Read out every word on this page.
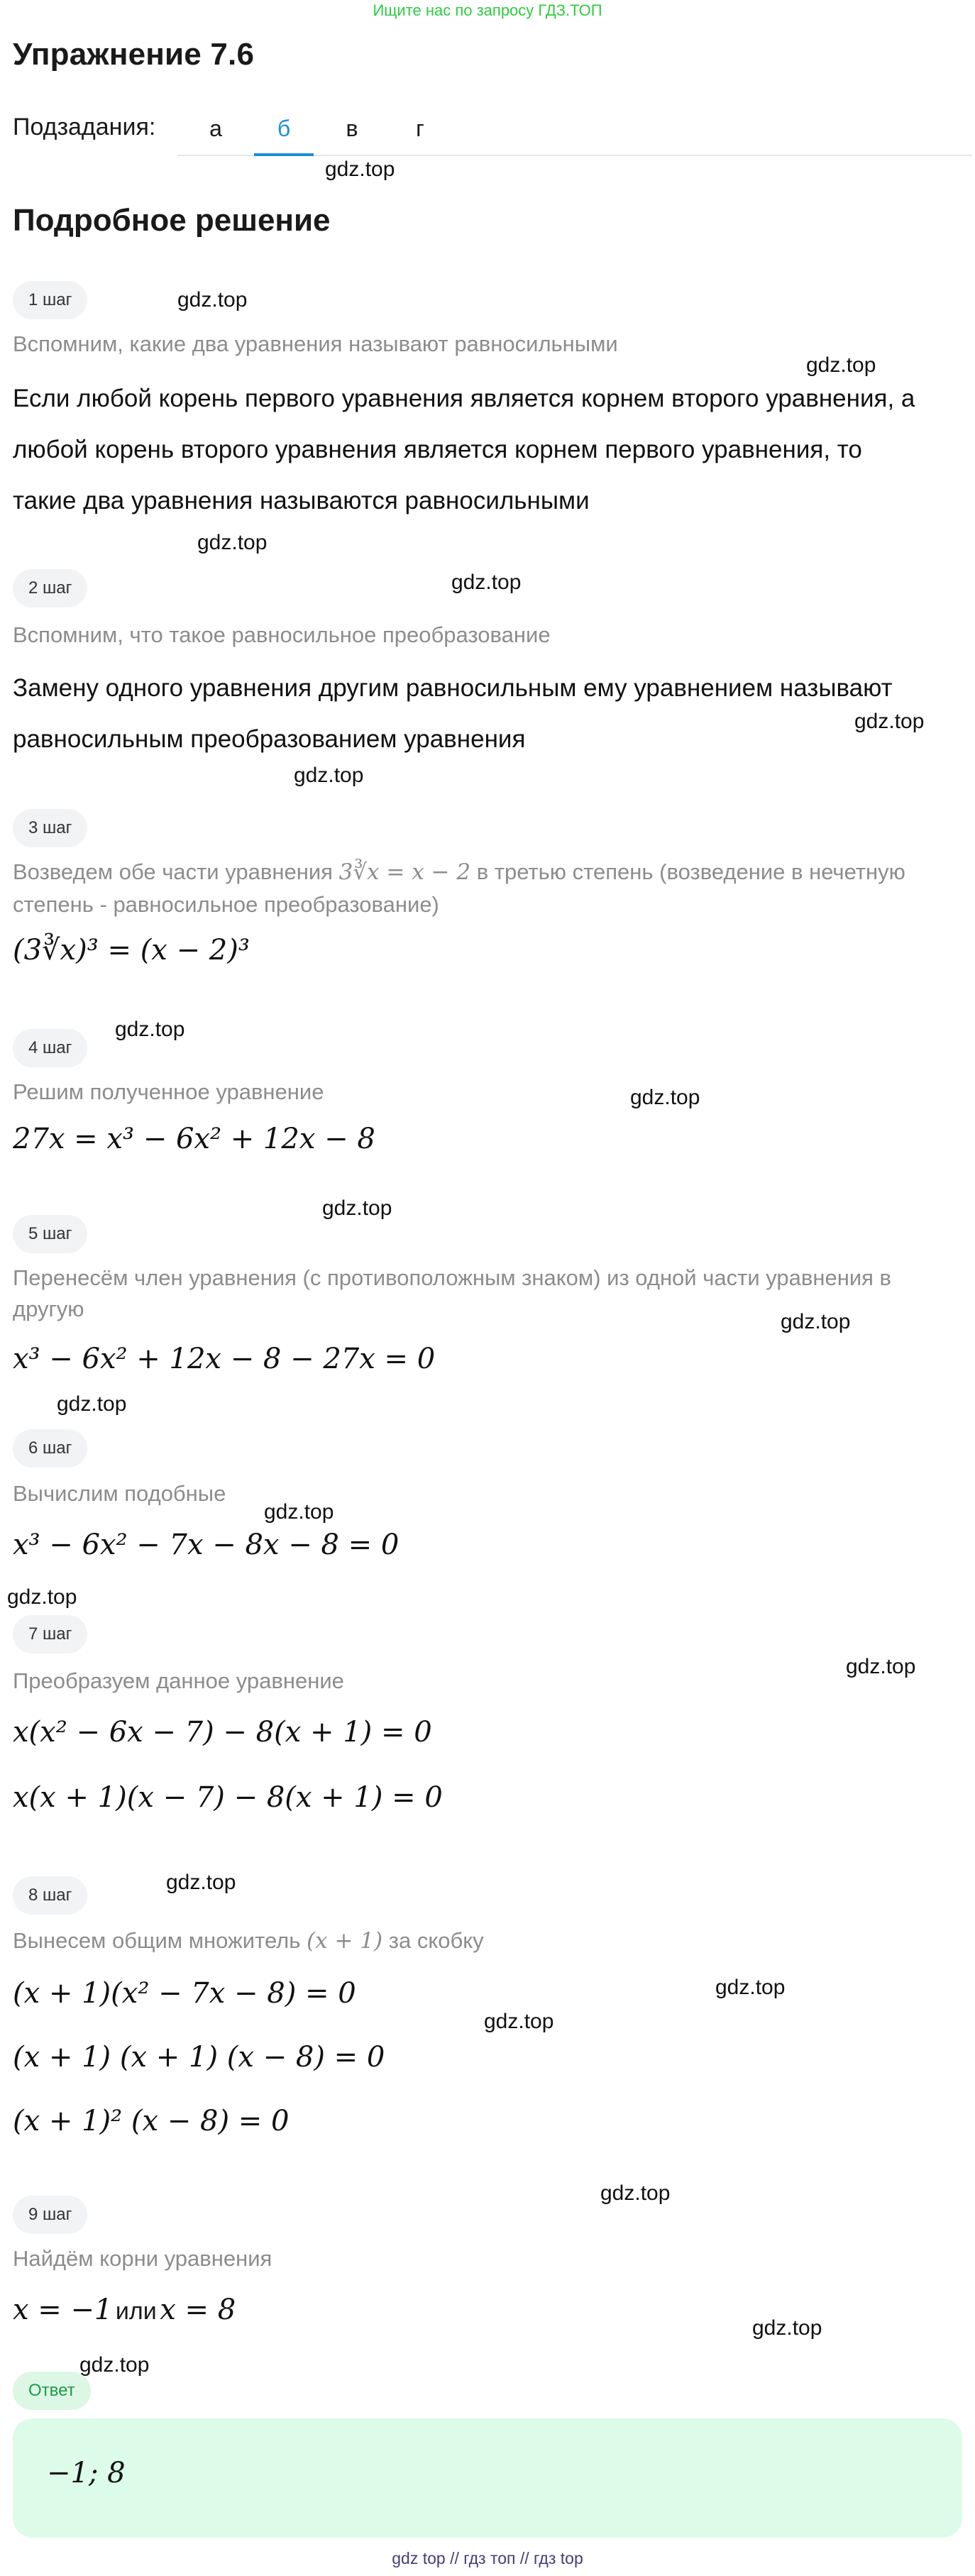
Ищите нас по запросу ГДЗ.ТОП
Упражнение 7.6
Подзадания:	а	б	в	г
gdz.top
Подробное решение
1 шаг	gdz.top
Вспомним, какие два уравнения называют равносильными
gdz.top
Если любой корень первого уравнения является корнем второго уравнения, а
любой корень второго уравнения является корнем первого уравнения, то
такие два уравнения называются равносильными
gdz.top
2 шаг	gdz.top
Вспомним, что такое равносильное преобразование
Замену одного уравнения другим равносильным ему уравнением называют
gdz.top
равносильным преобразованием уравнения
gdz.top
3 шаг
Возведем обе части уравнения 3∛x = x − 2 в третью степень (возведение в нечетную
степень - равносильное преобразование)
(3∛x)³ = (x − 2)³
4 шаг
gdz.top
Решим полученное уравнение	gdz.top
27x = x³ − 6x² + 12x − 8
gdz.top
5 шаг
Перенесём член уравнения (с противоположным знаком) из одной части уравнения в
другую
gdz.top
x³ − 6x² + 12x − 8 − 27x = 0
gdz.top
6 шаг
Вычислим подобные
gdz.top
x³ − 6x² − 7x − 8x − 8 = 0
gdz.top
7 шаг
gdz.top
Преобразуем данное уравнение
x(x² − 6x − 7) − 8(x + 1) = 0
x(x + 1)(x − 7) − 8(x + 1) = 0
8 шаг
gdz.top
Вынесем общим множитель (x + 1) за скобку
gdz.top
(x + 1)(x² − 7x − 8) = 0
gdz.top
(x + 1) (x + 1) (x − 8) = 0
(x + 1)² (x − 8) = 0
gdz.top
9 шаг
Найдём корни уравнения
x = −1 или x = 8
gdz.top
gdz.top
Ответ
−1; 8
gdz top // гдз топ // гдз top
